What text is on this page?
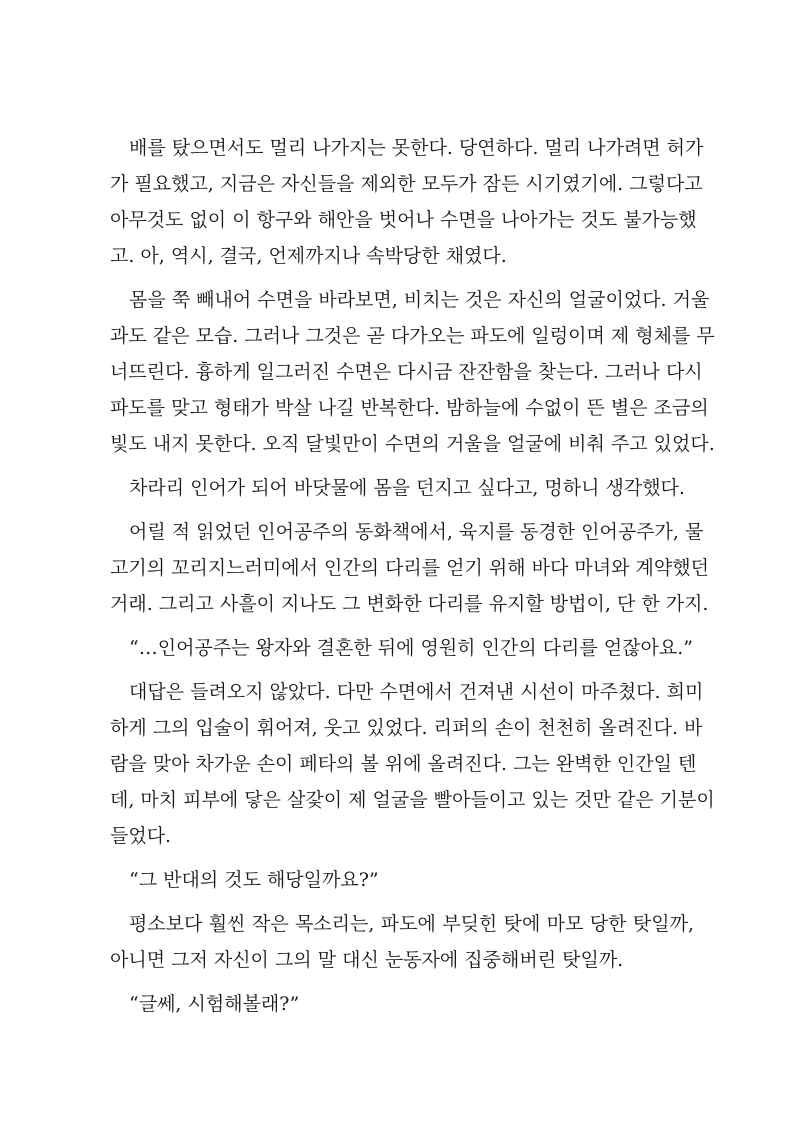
배를 탔으면서도 멀리 나가지는 못한다. 당연하다. 멀리 나가려면 허가
가 필요했고, 지금은 자신들을 제외한 모두가 잠든 시기였기에. 그렇다고
아무것도 없이 이 항구와 해안을 벗어나 수면을 나아가는 것도 불가능했
고. 아, 역시, 결국, 언제까지나 속박당한 채였다.

몸을 쭉 빼내어 수면을 바라보면, 비치는 것은 자신의 얼굴이었다. 거울
과도 같은 모습. 그러나 그것은 곧 다가오는 파도에 일렁이며 제 형체를 무
너뜨린다. 흉하게 일그러진 수면은 다시금 잔잔함을 찾는다. 그러나 다시
파도를 맞고 형태가 박살 나길 반복한다. 밤하늘에 수없이 뜬 별은 조금의
빛도 내지 못한다. 오직 달빛만이 수면의 거울을 얼굴에 비춰 주고 있었다.

차라리 인어가 되어 바닷물에 몸을 던지고 싶다고, 멍하니 생각했다.

어릴 적 읽었던 인어공주의 동화책에서, 육지를 동경한 인어공주가, 물
고기의 꼬리지느러미에서 인간의 다리를 얻기 위해 바다 마녀와 계약했던
거래. 그리고 사흘이 지나도 그 변화한 다리를 유지할 방법이, 단 한 가지.

“…인어공주는 왕자와 결혼한 뒤에 영원히 인간의 다리를 얻잖아요.”

대답은 들려오지 않았다. 다만 수면에서 건져낸 시선이 마주쳤다. 희미
하게 그의 입술이 휘어져, 웃고 있었다. 리퍼의 손이 천천히 올려진다. 바
람을 맞아 차가운 손이 페타의 볼 위에 올려진다. 그는 완벽한 인간일 텐
데, 마치 피부에 닿은 살갗이 제 얼굴을 빨아들이고 있는 것만 같은 기분이
들었다.

“그 반대의 것도 해당일까요?”

평소보다 훨씬 작은 목소리는, 파도에 부딪힌 탓에 마모 당한 탓일까,
아니면 그저 자신이 그의 말 대신 눈동자에 집중해버린 탓일까.

“글쎄, 시험해볼래?”
